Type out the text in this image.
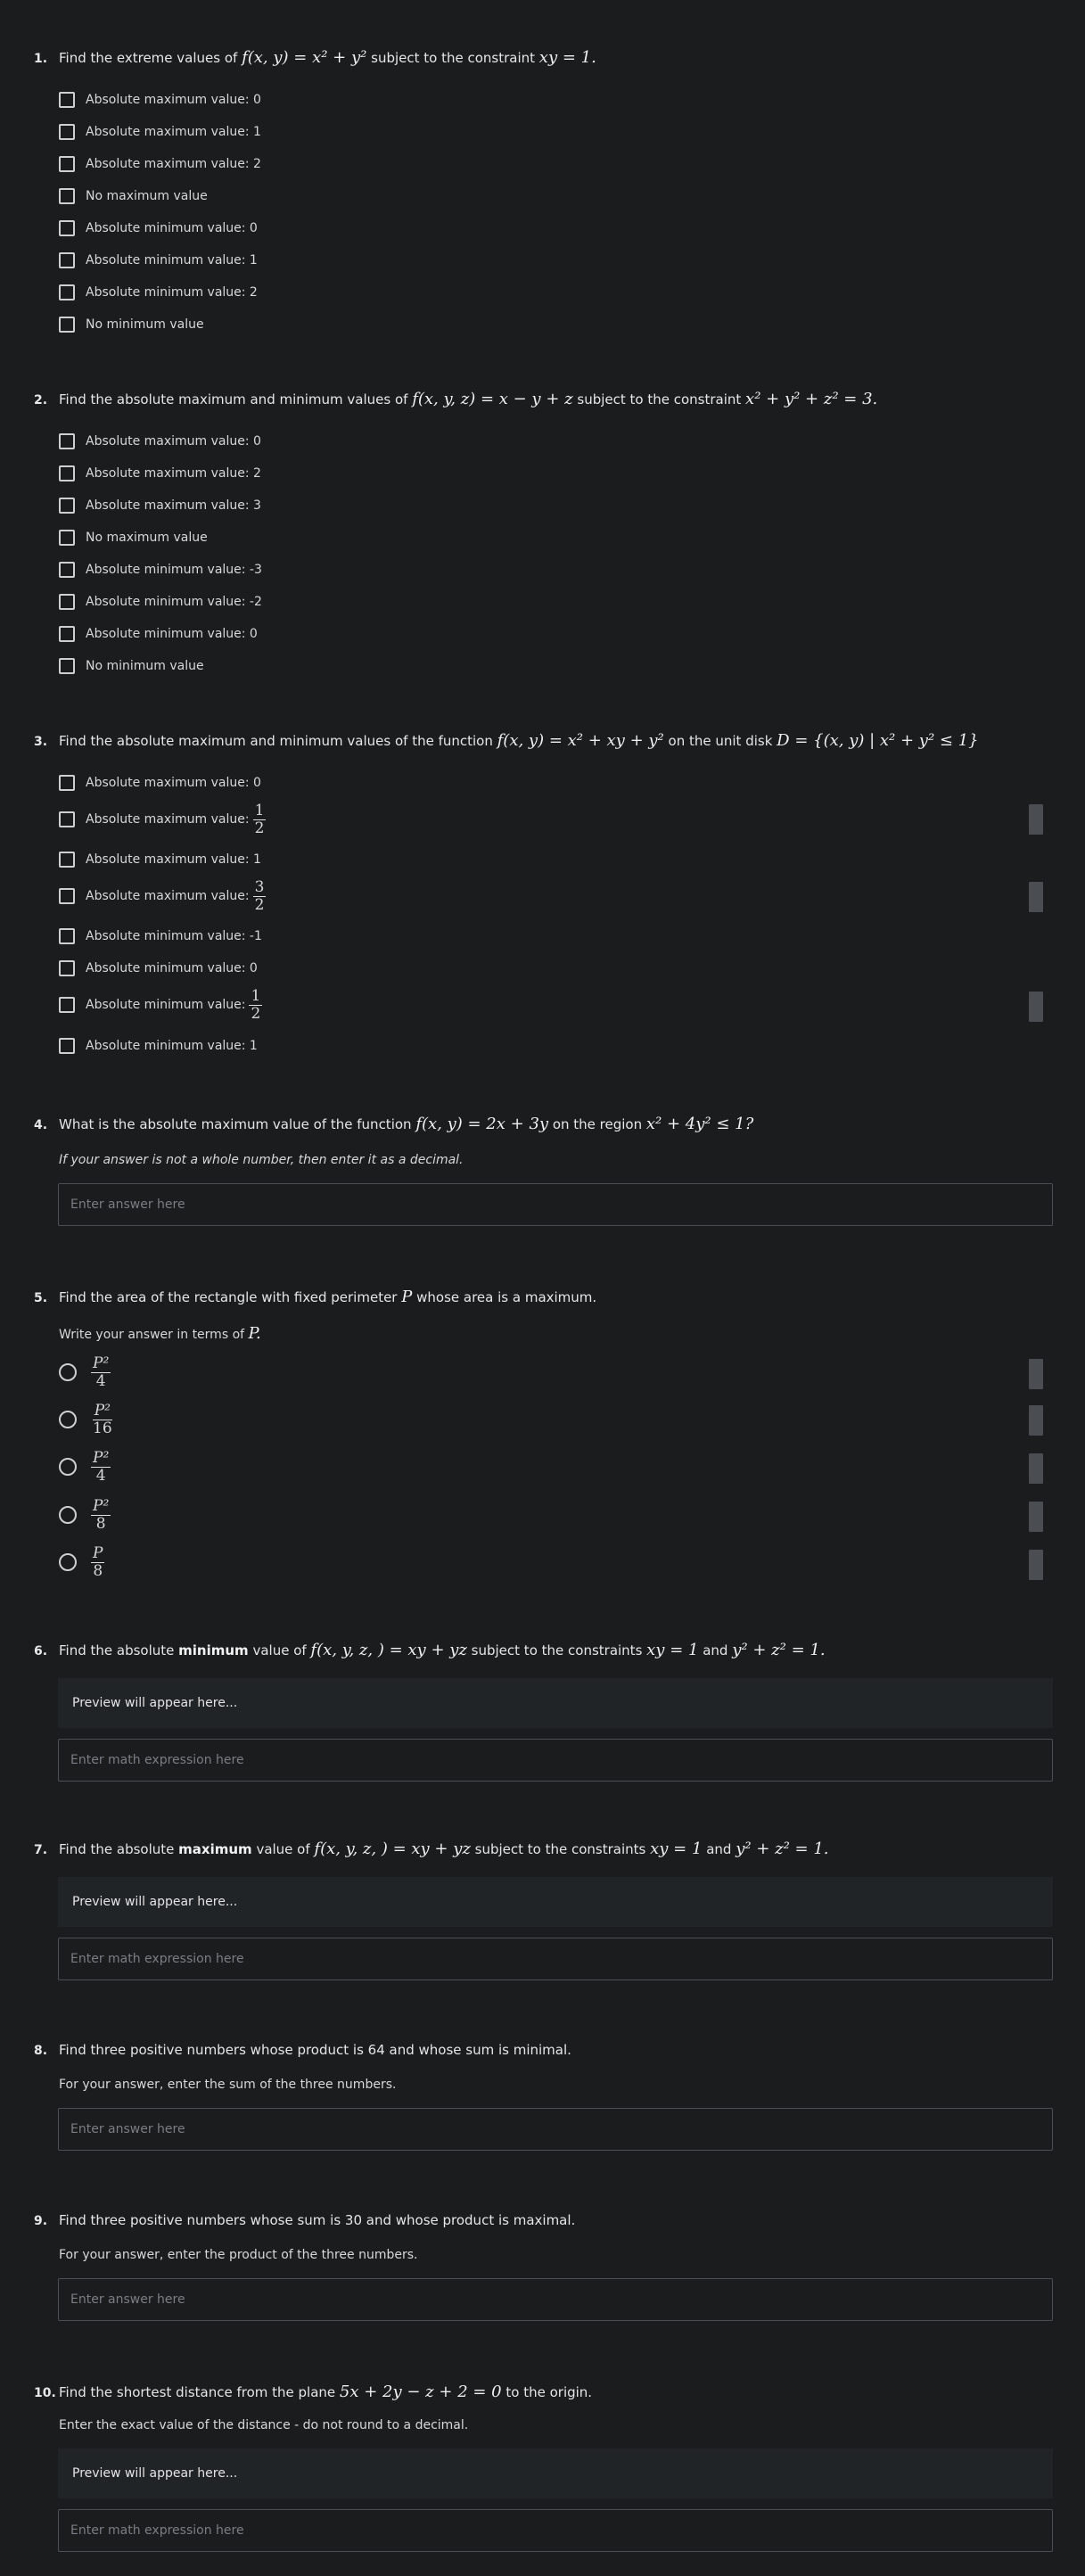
1. Find the extreme values of f(x, y) = x² + y² subject to the constraint xy = 1.
Absolute maximum value: 0
Absolute maximum value: 1
Absolute maximum value: 2
No maximum value
Absolute minimum value: 0
Absolute minimum value: 1
Absolute minimum value: 2
No minimum value
2. Find the absolute maximum and minimum values of f(x, y, z) = x − y + z subject to the constraint x² + y² + z² = 3.
Absolute maximum value: 0
Absolute maximum value: 2
Absolute maximum value: 3
No maximum value
Absolute minimum value: -3
Absolute minimum value: -2
Absolute minimum value: 0
No minimum value
3. Find the absolute maximum and minimum values of the function f(x, y) = x² + xy + y² on the unit disk D = {(x, y) | x² + y² ≤ 1}
Absolute maximum value: 0
Absolute maximum value: $\frac{1}{2}$
Absolute maximum value: 1
Absolute maximum value: $\frac{3}{2}$
Absolute minimum value: -1
Absolute minimum value: 0
Absolute minimum value: $\frac{1}{2}$
Absolute minimum value: 1
4. What is the absolute maximum value of the function f(x, y) = 2x + 3y on the region x² + 4y² ≤ 1?
If your answer is not a whole number, then enter it as a decimal.
Enter answer here
5. Find the area of the rectangle with fixed perimeter P whose area is a maximum.
Write your answer in terms of P.
$\frac{\text{P²}}{4}$
$\frac{\text{P²}}{16}$
$\frac{\text{P²}}{4}$
$\frac{\text{P²}}{8}$
$\frac{P}{8}$
6. Find the absolute minimum value of f(x, y, z, ) = xy + yz subject to the constraints xy = 1 and y² + z² = 1.
Preview will appear here...
Enter math expression here
7. Find the absolute maximum value of f(x, y, z, ) = xy + yz subject to the constraints xy = 1 and y² + z² = 1.
Preview will appear here...
Enter math expression here
8. Find three positive numbers whose product is 64 and whose sum is minimal.
For your answer, enter the sum of the three numbers.
Enter answer here
9. Find three positive numbers whose sum is 30 and whose product is maximal.
For your answer, enter the product of the three numbers.
Enter answer here
10. Find the shortest distance from the plane 5x + 2y − z + 2 = 0 to the origin.
Enter the exact value of the distance - do not round to a decimal.
Preview will appear here...
Enter math expression here
